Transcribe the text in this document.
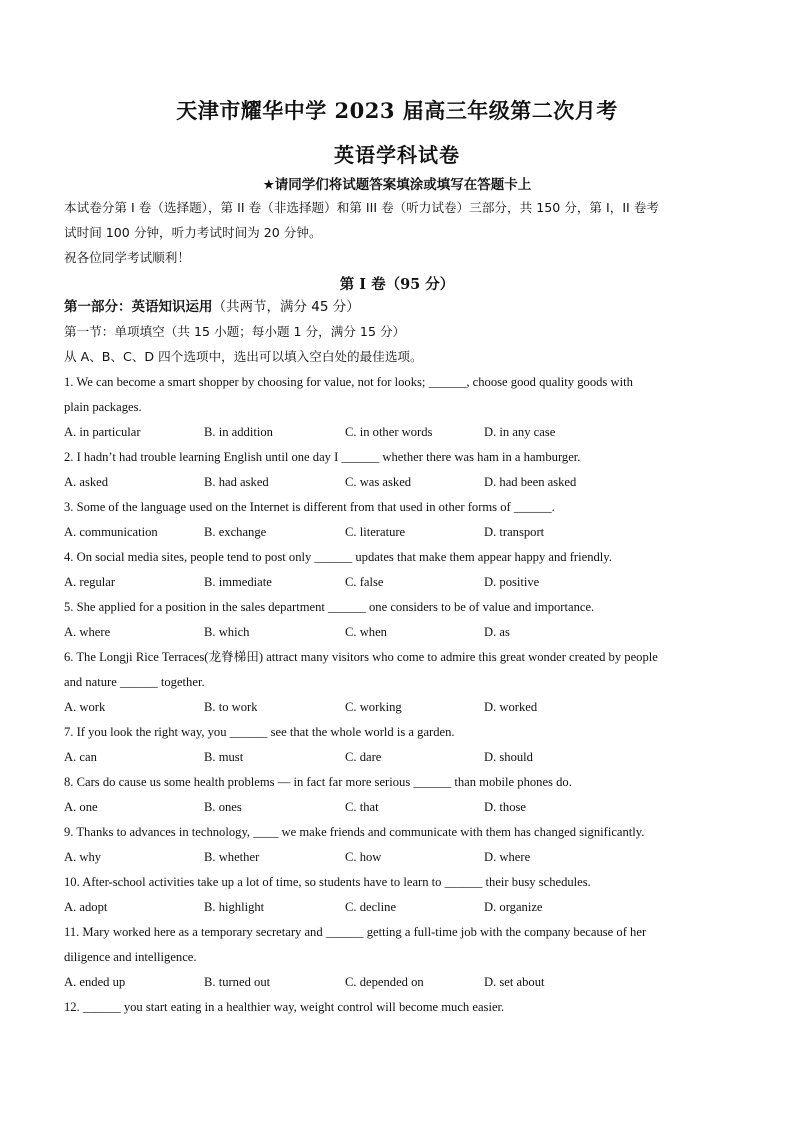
天津市耀华中学 2023 届高三年级第二次月考
英语学科试卷
★请同学们将试题答案填涂或填写在答题卡上
本试卷分第 I 卷（选择题），第 II 卷（非选择题）和第 III 卷（听力试卷）三部分，共 150 分，第 I，II 卷考
试时间 100 分钟，听力考试时间为 20 分钟。
祝各位同学考试顺利！
第 I 卷（95 分）
第一部分：英语知识运用（共两节，满分 45 分）
第一节：单项填空（共 15 小题；每小题 1 分，满分 15 分）
从 A、B、C、D 四个选项中，选出可以填入空白处的最佳选项。
1. We can become a smart shopper by choosing for value, not for looks; ______, choose good quality goods with
plain packages.
A. in particular	B. in addition	C. in other words	D. in any case
2. I hadn’t had trouble learning English until one day I ______ whether there was ham in a hamburger.
A. asked	B. had asked	C. was asked	D. had been asked
3. Some of the language used on the Internet is different from that used in other forms of ______.
A. communication	B. exchange	C. literature	D. transport
4. On social media sites, people tend to post only ______ updates that make them appear happy and friendly.
A. regular	B. immediate	C. false	D. positive
5. She applied for a position in the sales department ______ one considers to be of value and importance.
A. where	B. which	C. when	D. as
6. The Longji Rice Terraces(龙脊梯田) attract many visitors who come to admire this great wonder created by people
and nature ______ together.
A. work	B. to work	C. working	D. worked
7. If you look the right way, you ______ see that the whole world is a garden.
A. can	B. must	C. dare	D. should
8. Cars do cause us some health problems — in fact far more serious ______ than mobile phones do.
A. one	B. ones	C. that	D. those
9. Thanks to advances in technology, ____ we make friends and communicate with them has changed significantly.
A. why	B. whether	C. how	D. where
10. After-school activities take up a lot of time, so students have to learn to ______ their busy schedules.
A. adopt	B. highlight	C. decline	D. organize
11. Mary worked here as a temporary secretary and ______ getting a full-time job with the company because of her
diligence and intelligence.
A. ended up	B. turned out	C. depended on	D. set about
12. ______ you start eating in a healthier way, weight control will become much easier.
